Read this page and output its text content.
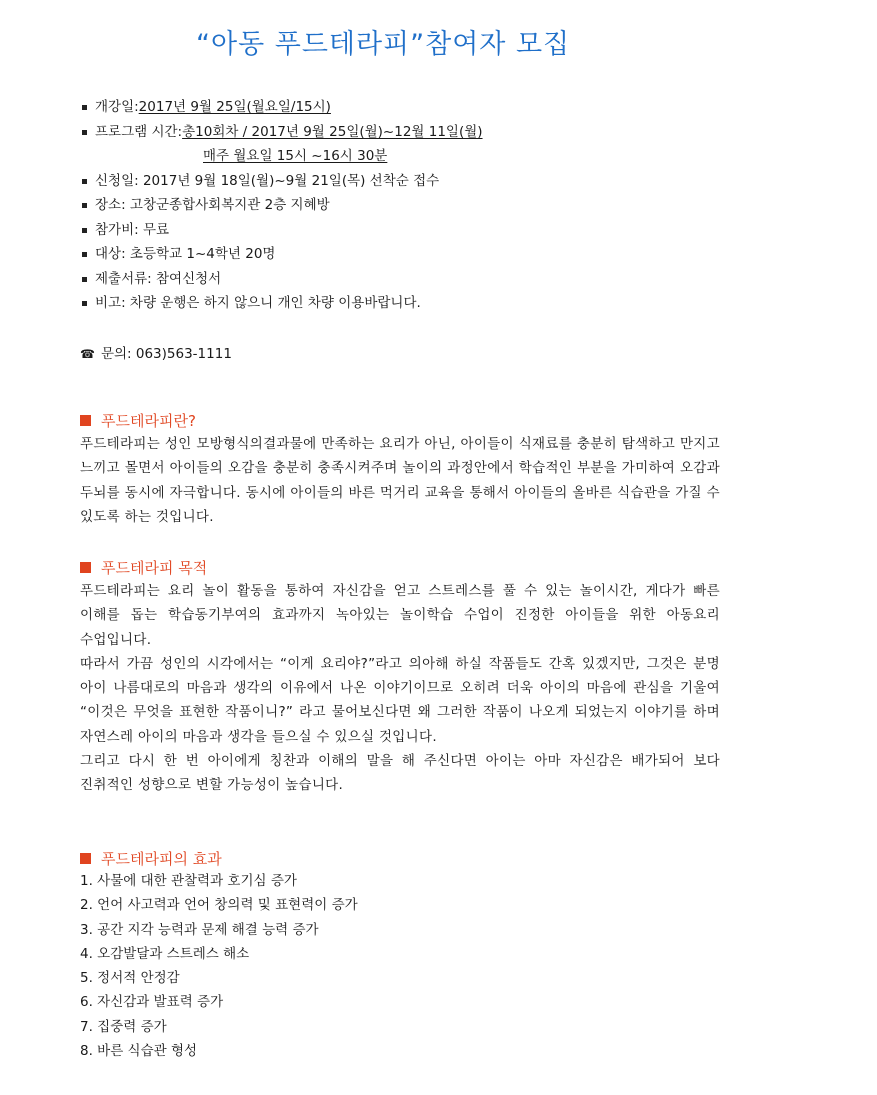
“아동 푸드테라피”참여자 모집
개강일: 2017년 9월 25일(월요일/15시)
프로그램 시간: 총10회차 / 2017년 9월 25일(월)~12월 11일(월)
매주 월요일 15시 ~16시 30분
신청일: 2017년 9월 18일(월)~9월 21일(목) 선착순 접수
장소: 고창군종합사회복지관 2층 지혜방
참가비: 무료
대상: 초등학교 1~4학년 20명
제출서류: 참여신청서
비고: 차량 운행은 하지 않으니 개인 차량 이용바랍니다.
☎ 문의: 063)563-1111
푸드테라피란?

푸드테라피는 성인 모방형식의결과물에 만족하는 요리가 아닌, 아이들이 식재료를 충분히 탐색하고 만지고 느끼고 몰면서 아이들의 오감을 충분히 충족시켜주며 놀이의 과정안에서 학습적인 부분을 가미하여 오감과 두뇌를 동시에 자극합니다. 동시에 아이들의 바른 먹거리 교육을 통해서 아이들의 올바른 식습관을 가질 수 있도록 하는 것입니다.

푸드테라피 목적

푸드테라피는 요리 놀이 활동을 통하여 자신감을 얻고 스트레스를 풀 수 있는 놀이시간, 게다가 빠른 이해를 돕는 학습동기부여의 효과까지 녹아있는 놀이학습 수업이 진정한 아이들을 위한 아동요리 수업입니다.

따라서 가끔 성인의 시각에서는 “이게 요리야?”라고 의아해 하실 작품들도 간혹 있겠지만, 그것은 분명 아이 나름대로의 마음과 생각의 이유에서 나온 이야기이므로 오히려 더욱 아이의 마음에 관심을 기울여 “이것은 무엇을 표현한 작품이니?” 라고 물어보신다면 왜 그러한 작품이 나오게 되었는지 이야기를 하며 자연스레 아이의 마음과 생각을 들으실 수 있으실 것입니다.

그리고 다시 한 번 아이에게 칭찬과 이해의 말을 해 주신다면 아이는 아마 자신감은 배가되어 보다 진취적인 성향으로 변할 가능성이 높습니다.

푸드테라피의 효과
1. 사물에 대한 관찰력과 호기심 증가
2. 언어 사고력과 언어 창의력 및 표현력이 증가
3. 공간 지각 능력과 문제 해결 능력 증가
4. 오감발달과 스트레스 해소
5. 정서적 안정감
6. 자신감과 발표력 증가
7. 집중력 증가
8. 바른 식습관 형성
